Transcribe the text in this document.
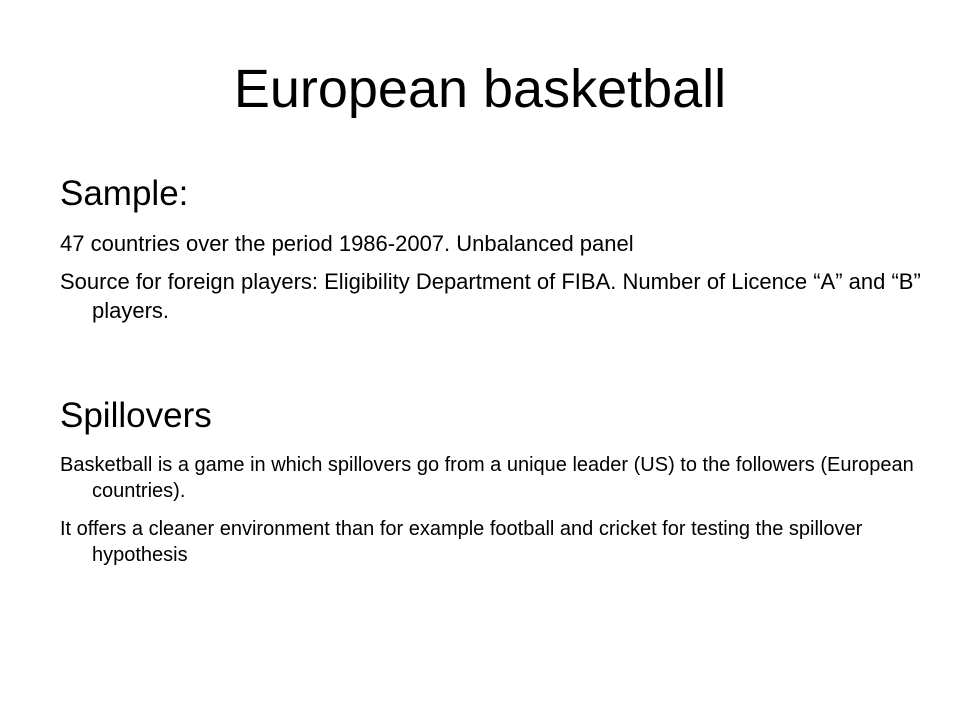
European basketball
Sample:

47 countries over the period 1986-2007. Unbalanced panel

Source for foreign players: Eligibility Department of FIBA. Number of Licence “A” and “B” players.

Spillovers

Basketball is a game in which spillovers go from a unique leader (US) to the followers (European countries).

It offers a cleaner environment than for example football and cricket for testing the spillover hypothesis
